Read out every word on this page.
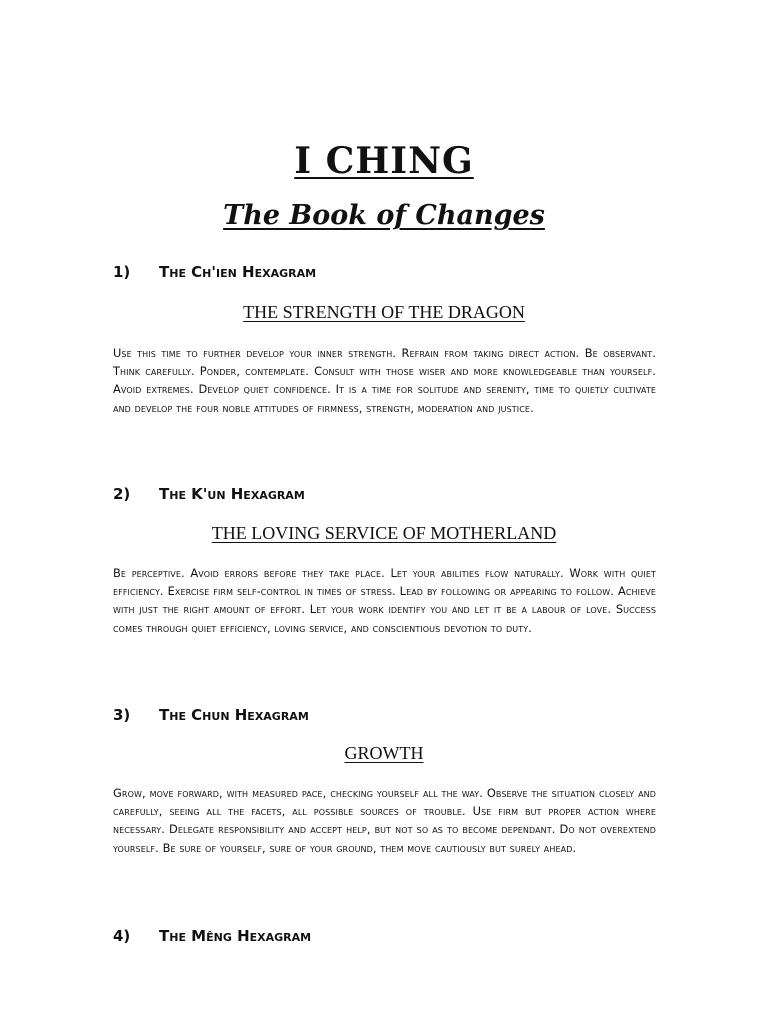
I CHING
The Book of Changes
1) The Ch'ien Hexagram
THE STRENGTH OF THE DRAGON

Use this time to further develop your inner strength. Refrain from taking direct action. Be observant. Think carefully. Ponder, contemplate. Consult with those wiser and more knowledgeable than yourself. Avoid extremes. Develop quiet confidence. It is a time for solitude and serenity, time to quietly cultivate and develop the four noble attitudes of firmness, strength, moderation and justice.

2) The K'un Hexagram
THE LOVING SERVICE OF MOTHERLAND

Be perceptive. Avoid errors before they take place. Let your abilities flow naturally. Work with quiet efficiency. Exercise firm self-control in times of stress. Lead by following or appearing to follow. Achieve with just the right amount of effort. Let your work identify you and let it be a labour of love. Success comes through quiet efficiency, loving service, and conscientious devotion to duty.

3) The Chun Hexagram
GROWTH

Grow, move forward, with measured pace, checking yourself all the way. Observe the situation closely and carefully, seeing all the facets, all possible sources of trouble. Use firm but proper action where necessary. Delegate responsibility and accept help, but not so as to become dependant. Do not overextend yourself. Be sure of yourself, sure of your ground, them move cautiously but surely ahead.

4) The Mêng Hexagram
